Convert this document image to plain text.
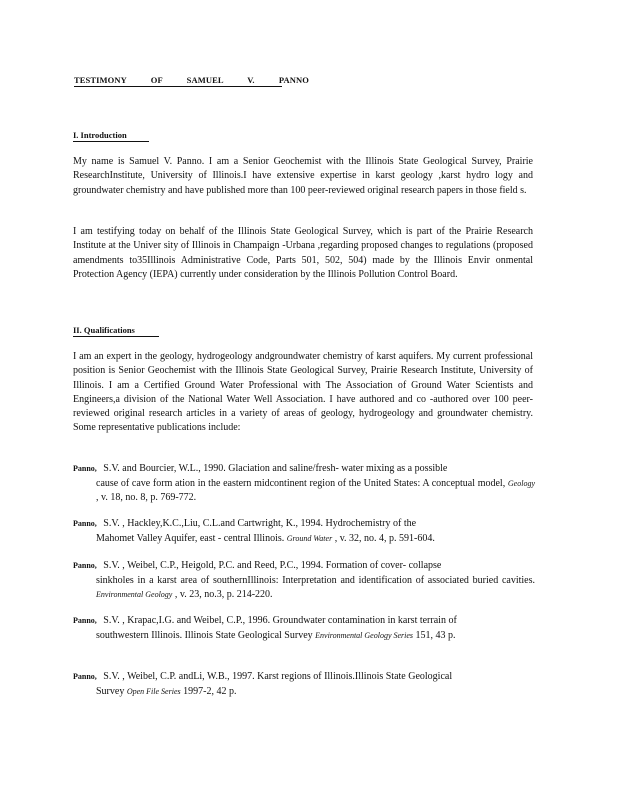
TESTIMONY OF SAMUEL V. PANNO
I. Introduction
My name is Samuel V. Panno. I am a Senior Geochemist with the Illinois State Geological Survey, Prairie ResearchInstitute, University of Illinois.I have extensive expertise in karst geology ,karst hydro logy and groundwater chemistry and have published more than 100 peer-reviewed original research papers in those field s.
I am testifying today on behalf of the Illinois State Geological Survey, which is part of the Prairie Research Institute at the Univer sity of Illinois in Champaign -Urbana ,regarding proposed changes to regulations (proposed amendments to35Illinois Administrative Code, Parts 501, 502, 504) made by the Illinois Envir onmental Protection Agency (IEPA) currently under consideration by the Illinois Pollution Control Board.
II. Qualifications
I am an expert in the geology, hydrogeology andgroundwater chemistry of karst aquifers. My current professional position is Senior Geochemist with the Illinois State Geological Survey, Prairie Research Institute, University of Illinois. I am a Certified Ground Water Professional with The Association of Ground Water Scientists and Engineers,a division of the National Water Well Association. I have authored and co -authored over 100 peer- reviewed original research articles in a variety of areas of geology, hydrogeology and groundwater chemistry. Some representative publications include:
Panno, S.V. and Bourcier, W.L., 1990. Glaciation and saline/fresh- water mixing as a possible
cause of cave form ation in the eastern midcontinent region of the United States: A conceptual model, Geology , v. 18, no. 8, p. 769-772.
Panno, S.V. , Hackley,K.C.,Liu, C.L.and Cartwright, K., 1994. Hydrochemistry of the
Mahomet Valley Aquifer, east - central Illinois. Ground Water , v. 32, no. 4, p. 591-604.
Panno, S.V. , Weibel, C.P., Heigold, P.C. and Reed, P.C., 1994. Formation of cover- collapse
sinkholes in a karst area of southernIllinois: Interpretation and identification of associated buried cavities. Environmental Geology , v. 23, no.3, p. 214-220.
Panno, S.V. , Krapac,I.G. and Weibel, C.P., 1996. Groundwater contamination in karst terrain of
southwestern Illinois. Illinois State Geological Survey Environmental Geology Series 151, 43 p.
Panno, S.V. , Weibel, C.P. andLi, W.B., 1997. Karst regions of Illinois.Illinois State Geological
Survey Open File Series 1997-2, 42 p.
